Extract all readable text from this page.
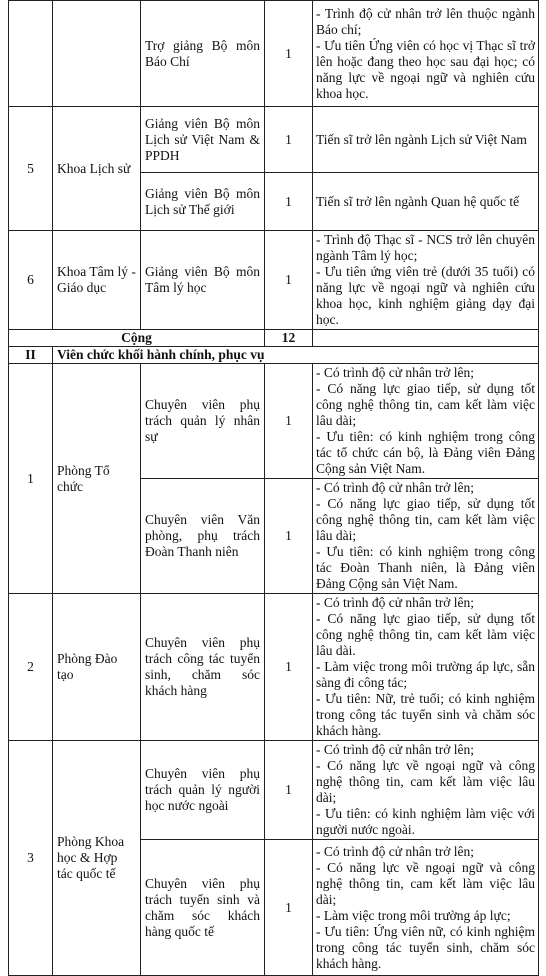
		Trợ giảng Bộ môn Báo Chí	1	- Trình độ cử nhân trở lên thuộc ngành Báo chí;
- Ưu tiên Ứng viên có học vị Thạc sĩ trở lên hoặc đang theo học sau đại học; có năng lực về ngoại ngữ và nghiên cứu khoa học.

5	Khoa Lịch sử	Giảng viên Bộ môn Lịch sử Việt Nam & PPDH	1	Tiến sĩ trở lên ngành Lịch sử Việt Nam

		Giảng viên Bộ môn Lịch sử Thế giới	1	Tiến sĩ trở lên ngành Quan hệ quốc tế

6	Khoa Tâm lý - Giáo dục	Giảng viên Bộ môn Tâm lý học	1	- Trình độ Thạc sĩ - NCS trở lên chuyên ngành Tâm lý học;
- Ưu tiên ứng viên trẻ (dưới 35 tuổi) có năng lực về ngoại ngữ và nghiên cứu khoa học, kinh nghiệm giảng dạy đại học.

Cộng			12	
II	Viên chức khối hành chính, phục vụ			
1	Phòng Tổ chức	Chuyên viên phụ trách quản lý nhân sự	1	- Có trình độ cử nhân trở lên;
- Có năng lực giao tiếp, sử dụng tốt công nghệ thông tin, cam kết làm việc lâu dài;
- Ưu tiên: có kinh nghiệm trong công tác tổ chức cán bộ, là Đảng viên Đảng Cộng sản Việt Nam.

		Chuyên viên Văn phòng, phụ trách Đoàn Thanh niên	1	- Có trình độ cử nhân trở lên;
- Có năng lực giao tiếp, sử dụng tốt công nghệ thông tin, cam kết làm việc lâu dài;
- Ưu tiên: có kinh nghiệm trong công tác Đoàn Thanh niên, là Đảng viên Đảng Cộng sản Việt Nam.

2	Phòng Đào tạo	Chuyên viên phụ trách công tác tuyển sinh, chăm sóc khách hàng	1	- Có trình độ cử nhân trở lên;
- Có năng lực giao tiếp, sử dụng tốt công nghệ thông tin, cam kết làm việc lâu dài.
- Làm việc trong môi trường áp lực, sẵn sàng đi công tác;
- Ưu tiên: Nữ, trẻ tuổi; có kinh nghiệm trong công tác tuyển sinh và chăm sóc khách hàng.

3	Phòng Khoa học & Hợp tác quốc tế	Chuyên viên phụ trách quản lý người học nước ngoài	1	- Có trình độ cử nhân trở lên;
- Có năng lực về ngoại ngữ và công nghệ thông tin, cam kết làm việc lâu dài;
- Ưu tiên: có kinh nghiệm làm việc với người nước ngoài.

		Chuyên viên phụ trách tuyển sinh và chăm sóc khách hàng quốc tế	1	- Có trình độ cử nhân trở lên;
- Có năng lực về ngoại ngữ và công nghệ thông tin, cam kết làm việc lâu dài;
- Làm việc trong môi trường áp lực;
- Ưu tiên: Ứng viên nữ, có kinh nghiệm trong công tác tuyển sinh, chăm sóc khách hàng.
